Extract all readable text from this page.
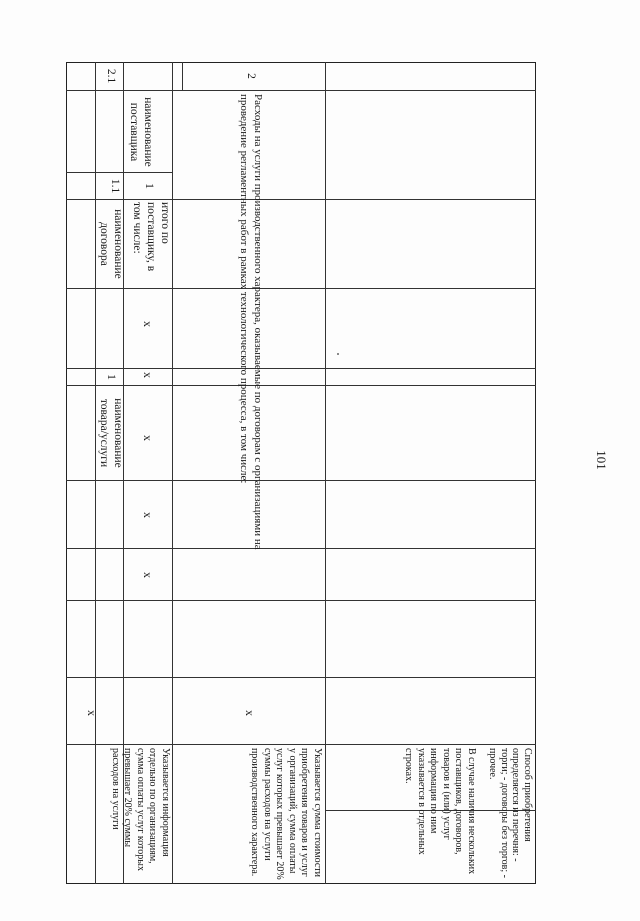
101
2.1	2
Расходы на услуги производственного характера, оказываемые по договорам с организациями на проведение регламентных работ в рамках технологического процесса, в том числе:
наименование поставщика
1
итого по поставщику, в том числе:
1.1
наименование договора
1
наименование товара/услуги
х
х
х
х
х
х	х
Способ приобретения определяется из перечня: - торги; - договоры без торгов; - прочее.
В случае наличия нескольких поставщиков, договоров, товаров и (или) услуг информация по ним указывается в отдельных строках.
Указывается сумма стоимости приобретения товаров и услуг у организаций, сумма оплаты услуг которых превышает 20% суммы расходов на услуги производственного характера.
Указывается информация отдельно по организациям, сумма оплаты услуг которых превышает 20% суммы расходов на услуги
